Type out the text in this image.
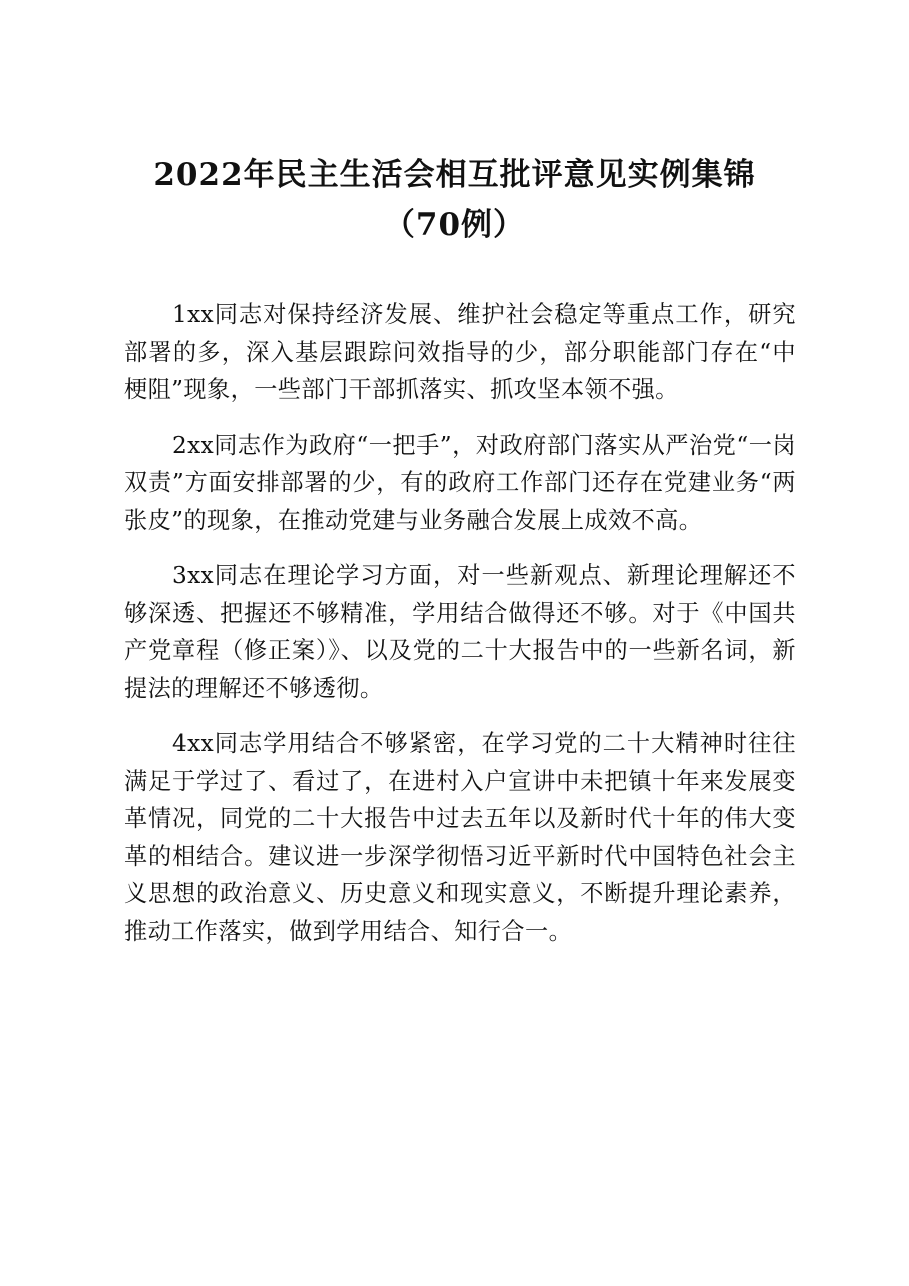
2022年民主生活会相互批评意见实例集锦
（70例）

1xx同志对保持经济发展、维护社会稳定等重点工作，研究部署的多，深入基层跟踪问效指导的少，部分职能部门存在“中梗阻”现象，一些部门干部抓落实、抓攻坚本领不强。

2xx同志作为政府“一把手”，对政府部门落实从严治党“一岗双责”方面安排部署的少，有的政府工作部门还存在党建业务“两张皮”的现象，在推动党建与业务融合发展上成效不高。

3xx同志在理论学习方面，对一些新观点、新理论理解还不够深透、把握还不够精准，学用结合做得还不够。对于《中国共产党章程（修正案）》、以及党的二十大报告中的一些新名词，新提法的理解还不够透彻。

4xx同志学用结合不够紧密，在学习党的二十大精神时往往满足于学过了、看过了，在进村入户宣讲中未把镇十年来发展变革情况，同党的二十大报告中过去五年以及新时代十年的伟大变革的相结合。建议进一步深学彻悟习近平新时代中国特色社会主义思想的政治意义、历史意义和现实意义，不断提升理论素养，推动工作落实，做到学用结合、知行合一。
